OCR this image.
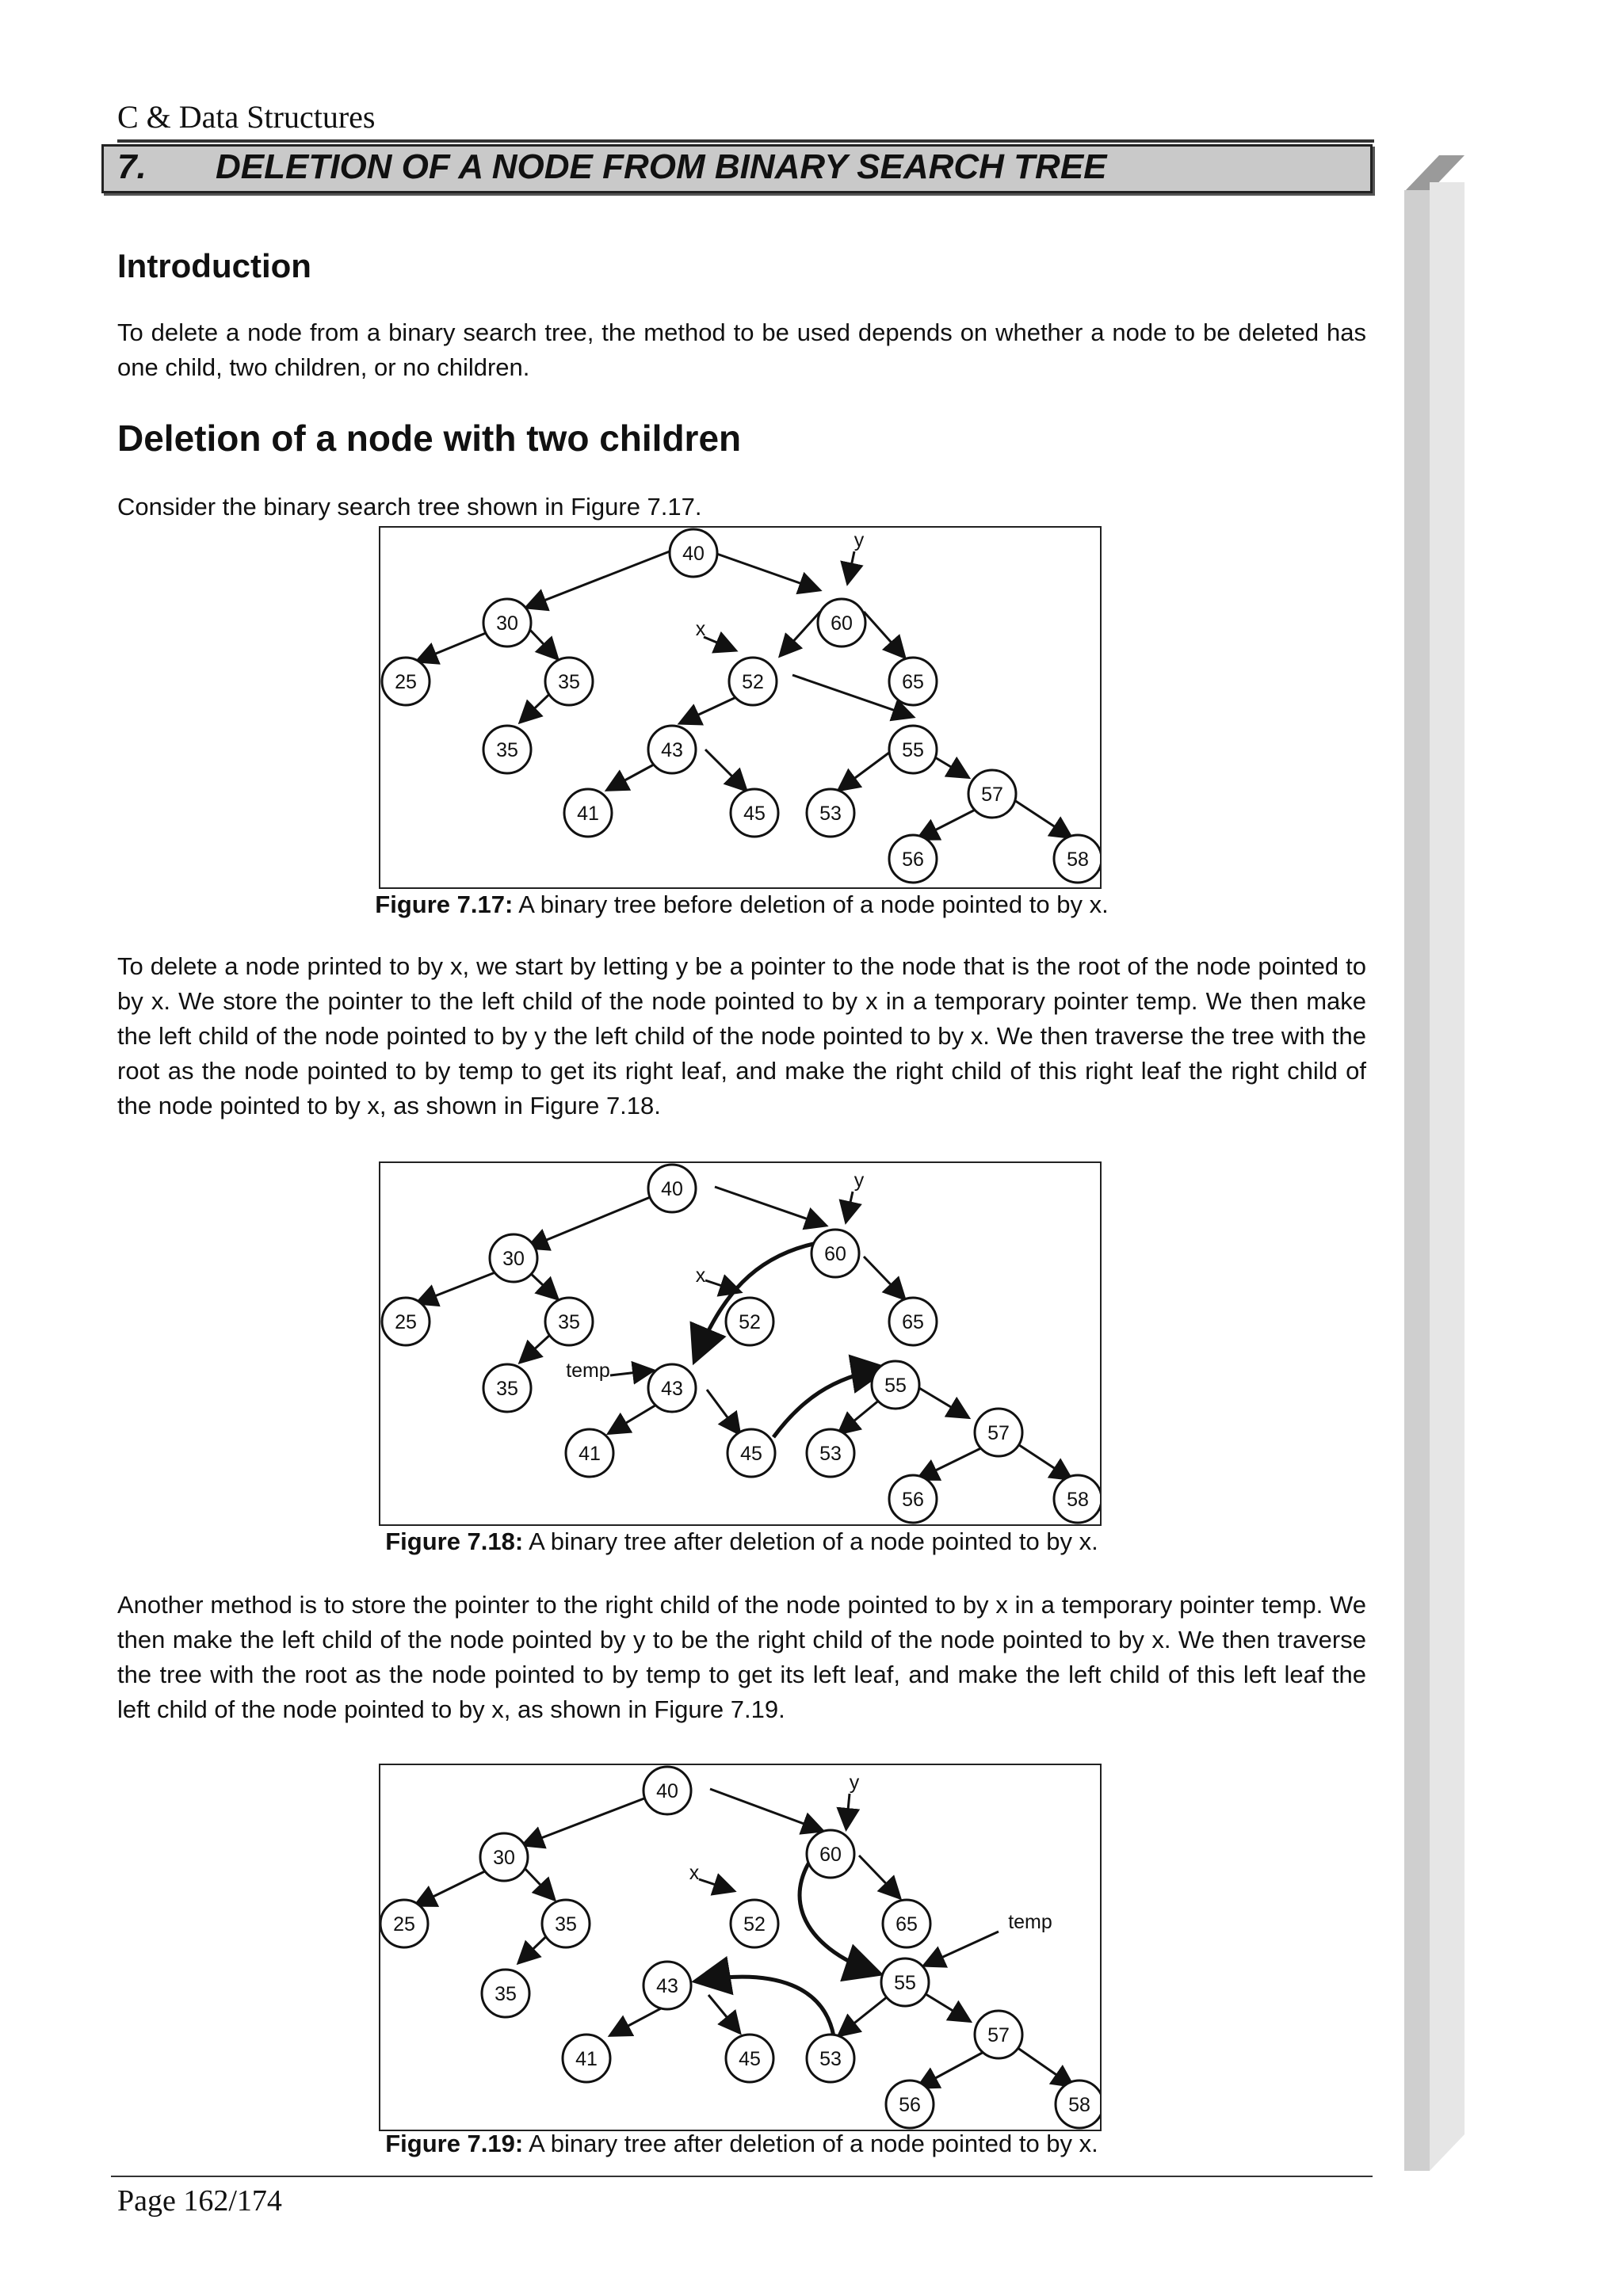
C & Data Structures
7. DELETION OF A NODE FROM BINARY SEARCH TREE
Introduction
To delete a node from a binary search tree, the method to be used depends on whether a node to be deleted has one child, two children, or no children.
Deletion of a node with two children
Consider the binary search tree shown in Figure 7.17.
40
30	60
25	35	52	65
35	43	55
41	45	53
57
56	58
y
x
Figure 7.17: A binary tree before deletion of a node pointed to by x.
To delete a node printed to by x, we start by letting y be a pointer to the node that is the root of the node pointed to by x. We store the pointer to the left child of the node pointed to by x in a temporary pointer temp. We then make the left child of the node pointed to by y the left child of the node pointed to by x. We then traverse the tree with the root as the node pointed to by temp to get its right leaf, and make the right child of this right leaf the right child of the node pointed to by x, as shown in Figure 7.18.
40
30	60
25	35	52	65
35	43	55
41	45	53
57
56	58
y
x
temp
Figure 7.18: A binary tree after deletion of a node pointed to by x.
Another method is to store the pointer to the right child of the node pointed to by x in a temporary pointer temp. We then make the left child of the node pointed by y to be the right child of the node pointed to by x. We then traverse the tree with the root as the node pointed to by temp to get its left leaf, and make the left child of this left leaf the left child of the node pointed to by x, as shown in Figure 7.19.
40
30	60
25	35	52	65
35	43	55
41	45	53
57
56	58
y
x
temp
Figure 7.19: A binary tree after deletion of a node pointed to by x.
Page 162/174
